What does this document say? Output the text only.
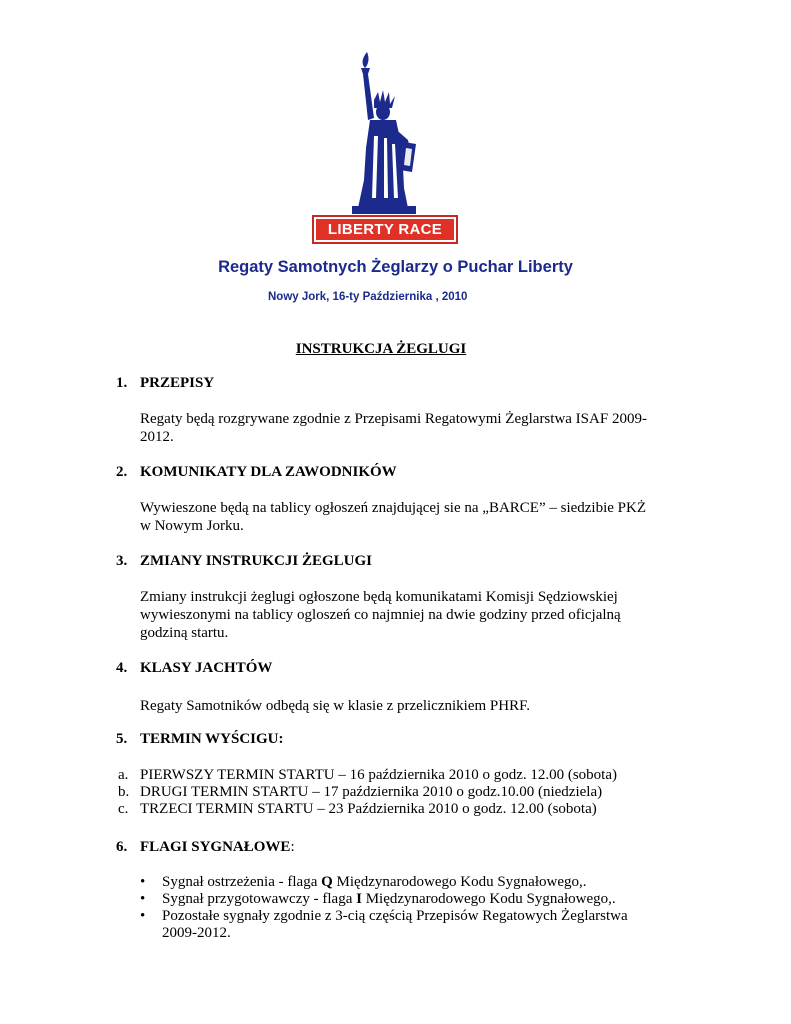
LIBERTY RACE
Regaty Samotnych Żeglarzy o Puchar Liberty
Nowy Jork, 16-ty Października , 2010
INSTRUKCJA ŻEGLUGI
1. PRZEPISY
Regaty będą rozgrywane zgodnie z Przepisami Regatowymi Żeglarstwa ISAF 2009-
2012.
2. KOMUNIKATY DLA ZAWODNIKÓW
Wywieszone będą na tablicy ogłoszeń znajdującej sie na „BARCE” – siedzibie PKŻ
w Nowym Jorku.
3. ZMIANY INSTRUKCJI ŻEGLUGI
Zmiany instrukcji żeglugi ogłoszone będą komunikatami Komisji Sędziowskiej
wywieszonymi na tablicy ogloszeń co najmniej na dwie godziny przed oficjalną
godziną startu.
4. KLASY JACHTÓW
Regaty Samotników odbędą się w klasie z przelicznikiem PHRF.
5. TERMIN WYŚCIGU:
a. PIERWSZY TERMIN STARTU – 16 października 2010 o godz. 12.00 (sobota)
b. DRUGI TERMIN STARTU – 17 października 2010 o godz.10.00 (niedziela)
c. TRZECI TERMIN STARTU – 23 Października 2010 o godz. 12.00 (sobota)
6. FLAGI SYGNAŁOWE:
•	Sygnał ostrzeżenia - flaga Q Międzynarodowego Kodu Sygnałowego,.
•	Sygnał przygotowawczy - flaga I Międzynarodowego Kodu Sygnałowego,.
•	Pozostałe sygnały zgodnie z 3-cią częścią Przepisów Regatowych Żeglarstwa
2009-2012.
